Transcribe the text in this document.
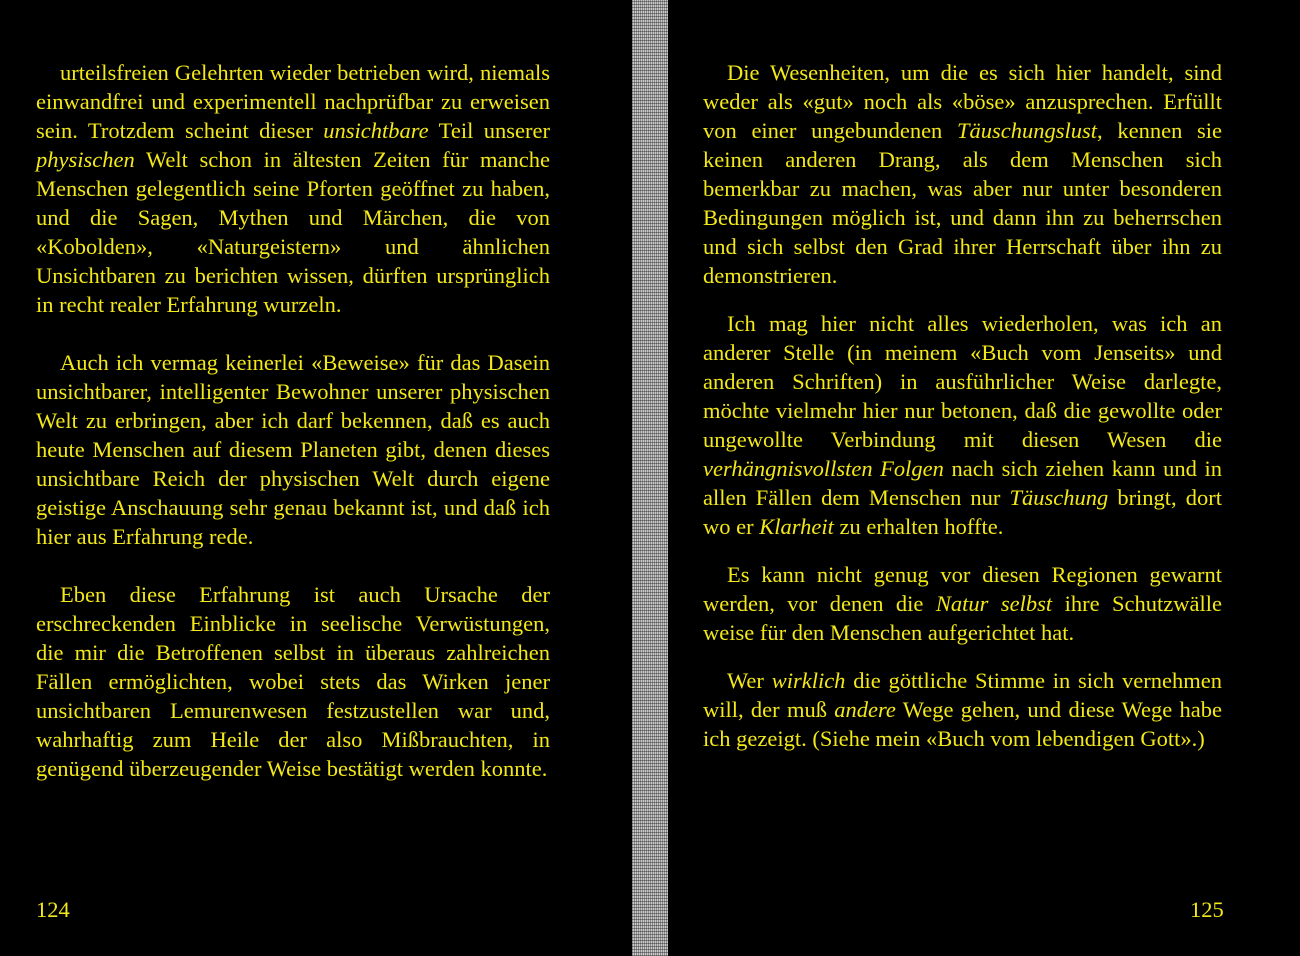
urteilsfreien Gelehrten wieder betrieben wird, niemals einwandfrei und experimentell nachprüfbar zu erweisen sein. Trotzdem scheint dieser unsichtbare Teil unserer physischen Welt schon in ältesten Zeiten für manche Menschen gelegentlich seine Pforten geöffnet zu haben, und die Sagen, Mythen und Märchen, die von «Kobolden», «Naturgeistern» und ähnlichen Unsichtbaren zu berichten wissen, dürften ursprünglich in recht realer Erfahrung wurzeln.

Auch ich vermag keinerlei «Beweise» für das Dasein unsichtbarer, intelligenter Bewohner unserer physischen Welt zu erbringen, aber ich darf bekennen, daß es auch heute Menschen auf diesem Planeten gibt, denen dieses unsichtbare Reich der physischen Welt durch eigene geistige Anschauung sehr genau bekannt ist, und daß ich hier aus Erfahrung rede.

Eben diese Erfahrung ist auch Ursache der erschreckenden Einblicke in seelische Verwüstungen, die mir die Betroffenen selbst in überaus zahlreichen Fällen ermöglichten, wobei stets das Wirken jener unsichtbaren Lemurenwesen festzustellen war und, wahrhaftig zum Heile der also Mißbrauchten, in genügend überzeugender Weise bestätigt werden konnte.

Die Wesenheiten, um die es sich hier handelt, sind weder als «gut» noch als «böse» anzusprechen. Erfüllt von einer ungebundenen Täuschungslust, kennen sie keinen anderen Drang, als dem Menschen sich bemerkbar zu machen, was aber nur unter besonderen Bedingungen möglich ist, und dann ihn zu beherrschen und sich selbst den Grad ihrer Herrschaft über ihn zu demonstrieren.

Ich mag hier nicht alles wiederholen, was ich an anderer Stelle (in meinem «Buch vom Jenseits» und anderen Schriften) in ausführlicher Weise darlegte, möchte vielmehr hier nur betonen, daß die gewollte oder ungewollte Verbindung mit diesen Wesen die verhängnisvollsten Folgen nach sich ziehen kann und in allen Fällen dem Menschen nur Täuschung bringt, dort wo er Klarheit zu erhalten hoffte.

Es kann nicht genug vor diesen Regionen gewarnt werden, vor denen die Natur selbst ihre Schutzwälle weise für den Menschen aufgerichtet hat.

Wer wirklich die göttliche Stimme in sich vernehmen will, der muß andere Wege gehen, und diese Wege habe ich gezeigt. (Siehe mein «Buch vom lebendigen Gott».)

124	125
